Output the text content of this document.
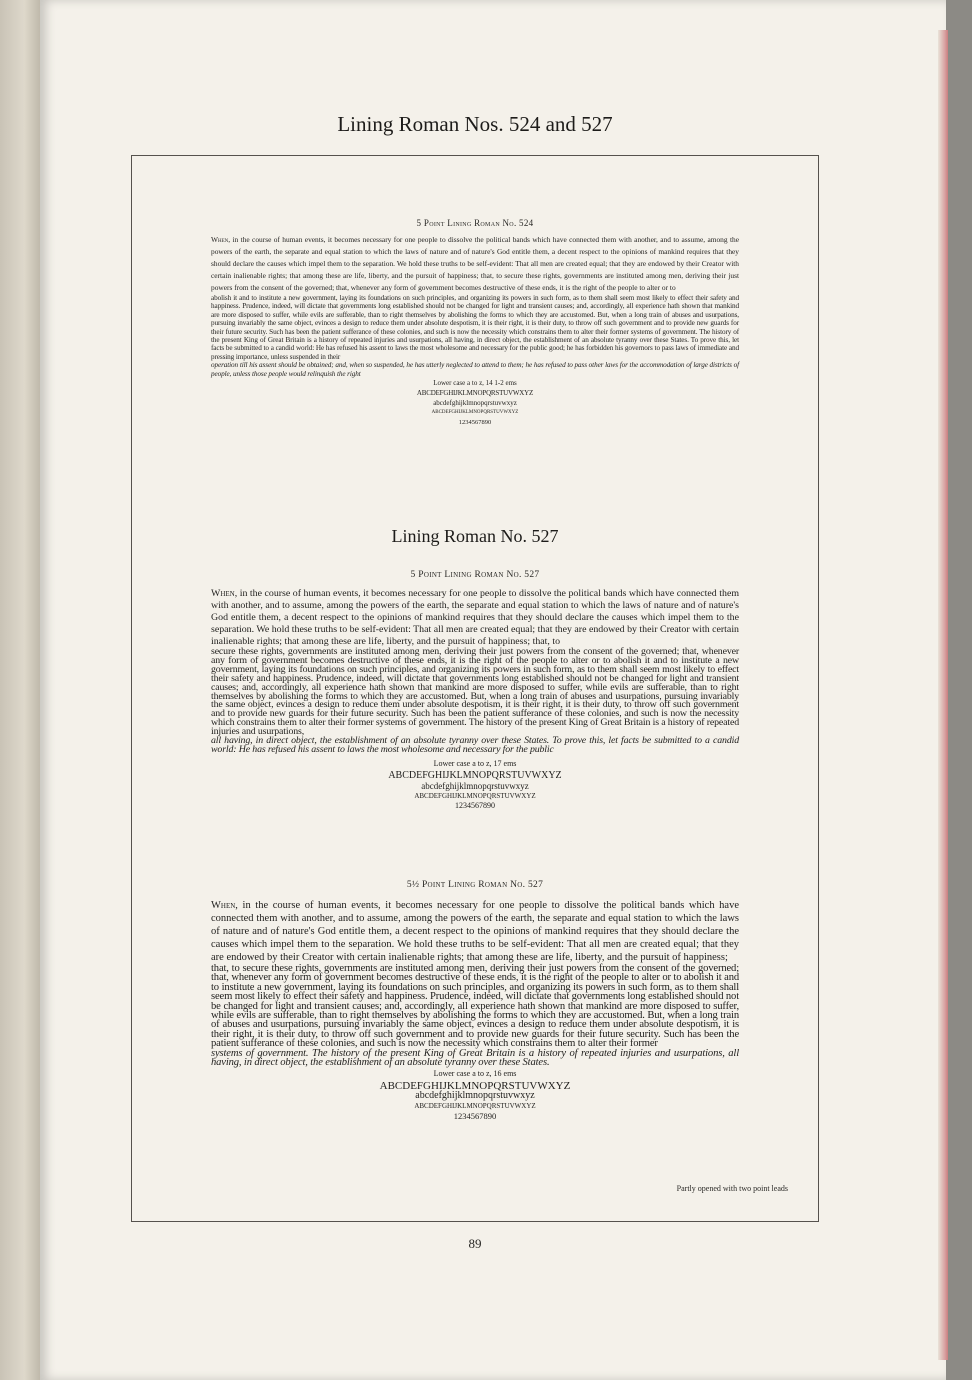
Lining Roman Nos. 524 and 527
5 Point Lining Roman No. 524

When, in the course of human events, it becomes necessary for one people to dissolve the political bands which have connected them with another, and to assume, among the powers of the earth, the separate and equal station to which the laws of nature and of nature's God entitle them, a decent respect to the opinions of mankind requires that they should declare the causes which impel them to the separation. We hold these truths to be self-evident: That all men are created equal; that they are endowed by their Creator with certain inalienable rights; that among these are life, liberty, and the pursuit of happiness; that, to secure these rights, governments are instituted among men, deriving their just powers from the consent of the governed; that, whenever any form of government becomes destructive of these ends, it is the right of the people to alter or to

abolish it and to institute a new government, laying its foundations on such principles, and organizing its powers in such form, as to them shall seem most likely to effect their safety and happiness. Prudence, indeed, will dictate that governments long established should not be changed for light and transient causes; and, accordingly, all experience hath shown that mankind are more disposed to suffer, while evils are sufferable, than to right themselves by abolishing the forms to which they are accustomed. But, when a long train of abuses and usurpations, pursuing invariably the same object, evinces a design to reduce them under absolute despotism, it is their right, it is their duty, to throw off such government and to provide new guards for their future security. Such has been the patient sufferance of these colonies, and such is now the necessity which constrains them to alter their former systems of government. The history of the present King of Great Britain is a history of repeated injuries and usurpations, all having, in direct object, the establishment of an absolute tyranny over these States. To prove this, let facts be submitted to a candid world: He has refused his assent to laws the most wholesome and necessary for the public good; he has forbidden his governors to pass laws of immediate and pressing importance, unless suspended in their

operation till his assent should be obtained; and, when so suspended, he has utterly neglected to attend to them; he has refused to pass other laws for the accommodation of large districts of people, unless those people would relinquish the right

Lower case a to z, 14 1-2 ems

ABCDEFGHIJKLMNOPQRSTUVWXYZ

abcdefghijklmnopqrstuvwxyz

ABCDEFGHIJKLMNOPQRSTUVWXYZ

1234567890

Lining Roman No. 527
5 Point Lining Roman No. 527

When, in the course of human events, it becomes necessary for one people to dissolve the political bands which have connected them with another, and to assume, among the powers of the earth, the separate and equal station to which the laws of nature and of nature's God entitle them, a decent respect to the opinions of mankind requires that they should declare the causes which impel them to the separation. We hold these truths to be self-evident: That all men are created equal; that they are endowed by their Creator with certain inalienable rights; that among these are life, liberty, and the pursuit of happiness; that, to

secure these rights, governments are instituted among men, deriving their just powers from the consent of the governed; that, whenever any form of government becomes destructive of these ends, it is the right of the people to alter or to abolish it and to institute a new government, laying its foundations on such principles, and organizing its powers in such form, as to them shall seem most likely to effect their safety and happiness. Prudence, indeed, will dictate that governments long established should not be changed for light and transient causes; and, accordingly, all experience hath shown that mankind are more disposed to suffer, while evils are sufferable, than to right themselves by abolishing the forms to which they are accustomed. But, when a long train of abuses and usurpations, pursuing invariably the same object, evinces a design to reduce them under absolute despotism, it is their right, it is their duty, to throw off such government and to provide new guards for their future security. Such has been the patient sufferance of these colonies, and such is now the necessity which constrains them to alter their former systems of government. The history of the present King of Great Britain is a history of repeated injuries and usurpations,

all having, in direct object, the establishment of an absolute tyranny over these States. To prove this, let facts be submitted to a candid world: He has refused his assent to laws the most wholesome and necessary for the public

Lower case a to z, 17 ems

ABCDEFGHIJKLMNOPQRSTUVWXYZ

abcdefghijklmnopqrstuvwxyz

ABCDEFGHIJKLMNOPQRSTUVWXYZ

1234567890

5½ Point Lining Roman No. 527

When, in the course of human events, it becomes necessary for one people to dissolve the political bands which have connected them with another, and to assume, among the powers of the earth, the separate and equal station to which the laws of nature and of nature's God entitle them, a decent respect to the opinions of mankind requires that they should declare the causes which impel them to the separation. We hold these truths to be self-evident: That all men are created equal; that they are endowed by their Creator with certain inalienable rights; that among these are life, liberty, and the pursuit of happiness;

that, to secure these rights, governments are instituted among men, deriving their just powers from the consent of the governed; that, whenever any form of government becomes destructive of these ends, it is the right of the people to alter or to abolish it and to institute a new government, laying its foundations on such principles, and organizing its powers in such form, as to them shall seem most likely to effect their safety and happiness. Prudence, indeed, will dictate that governments long established should not be changed for light and transient causes; and, accordingly, all experience hath shown that mankind are more disposed to suffer, while evils are sufferable, than to right themselves by abolishing the forms to which they are accustomed. But, when a long train of abuses and usurpations, pursuing invariably the same object, evinces a design to reduce them under absolute despotism, it is their right, it is their duty, to throw off such government and to provide new guards for their future security. Such has been the patient sufferance of these colonies, and such is now the necessity which constrains them to alter their former

systems of government. The history of the present King of Great Britain is a history of repeated injuries and usurpations, all having, in direct object, the establishment of an absolute tyranny over these States.

Lower case a to z, 16 ems

ABCDEFGHIJKLMNOPQRSTUVWXYZ

abcdefghijklmnopqrstuvwxyz

ABCDEFGHIJKLMNOPQRSTUVWXYZ

1234567890

Partly opened with two point leads
89
